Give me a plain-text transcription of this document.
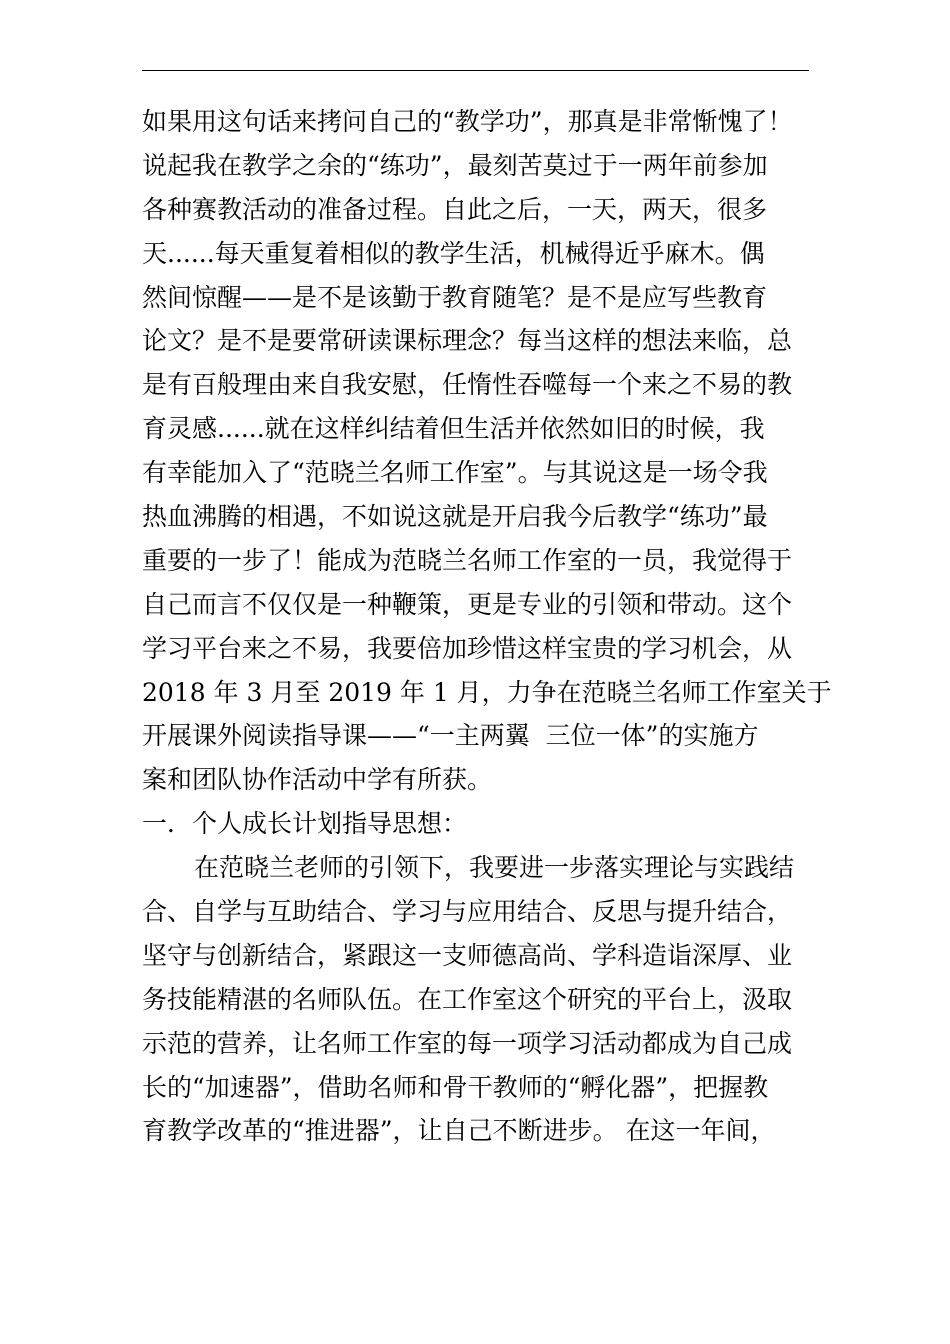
如果用这句话来拷问自己的“教学功”，那真是非常惭愧了！
说起我在教学之余的“练功”，最刻苦莫过于一两年前参加
各种赛教活动的准备过程。自此之后，一天，两天，很多
天......每天重复着相似的教学生活，机械得近乎麻木。偶
然间惊醒——是不是该勤于教育随笔？是不是应写些教育
论文？是不是要常研读课标理念？每当这样的想法来临，总
是有百般理由来自我安慰，任惰性吞噬每一个来之不易的教
育灵感......就在这样纠结着但生活并依然如旧的时候，我
有幸能加入了“范晓兰名师工作室”。与其说这是一场令我
热血沸腾的相遇，不如说这就是开启我今后教学“练功”最
重要的一步了！能成为范晓兰名师工作室的一员，我觉得于
自己而言不仅仅是一种鞭策，更是专业的引领和带动。这个
学习平台来之不易，我要倍加珍惜这样宝贵的学习机会，从
2018 年 3 月至 2019 年 1 月，力争在范晓兰名师工作室关于
开展课外阅读指导课——“一主两翼  三位一体”的实施方
案和团队协作活动中学有所获。
一．个人成长计划指导思想：
在范晓兰老师的引领下，我要进一步落实理论与实践结
合、自学与互助结合、学习与应用结合、反思与提升结合，
坚守与创新结合，紧跟这一支师德高尚、学科造诣深厚、业
务技能精湛的名师队伍。在工作室这个研究的平台上，汲取
示范的营养，让名师工作室的每一项学习活动都成为自己成
长的“加速器”，借助名师和骨干教师的“孵化器”，把握教
育教学改革的“推进器”，让自己不断进步。 在这一年间，
